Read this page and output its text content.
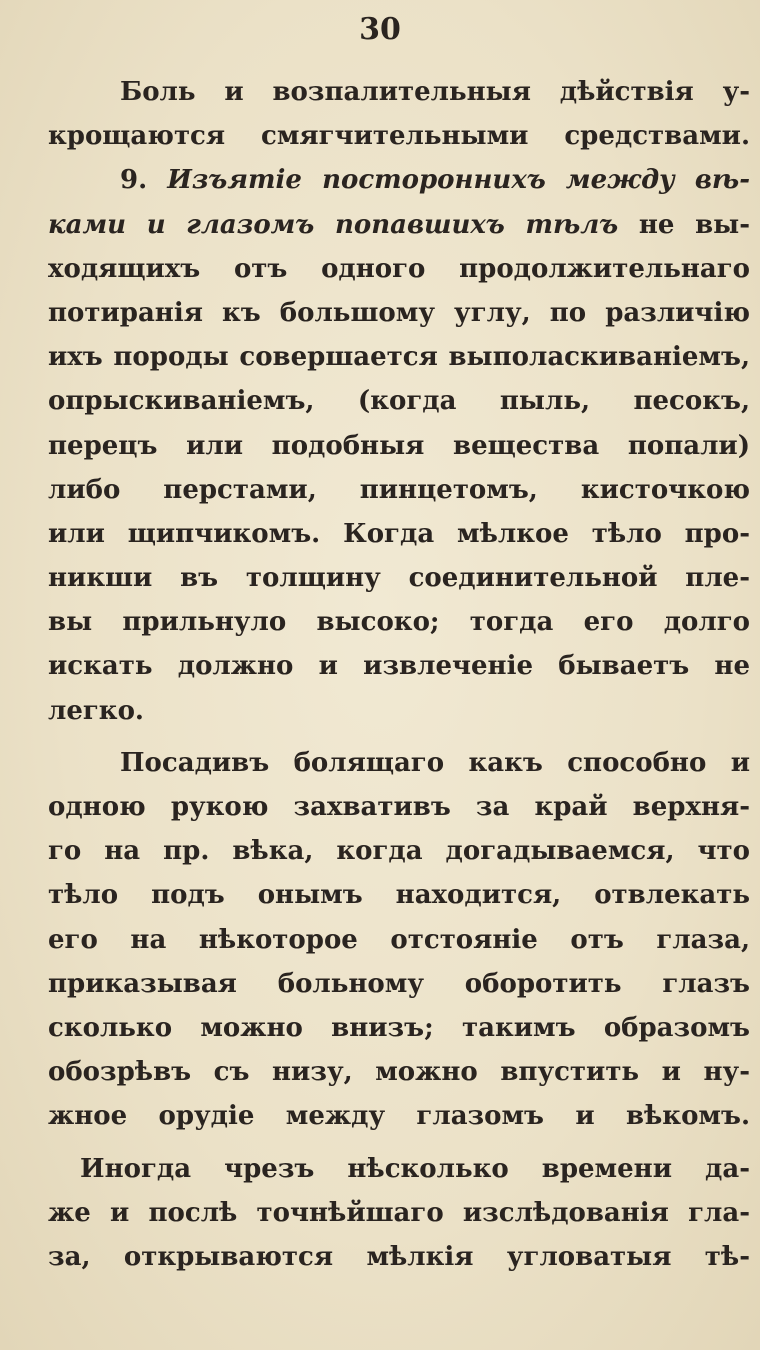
30
Боль и возпалительныя дѣйствія у-
крощаются смягчительными средствами.
9. Изъятіе постороннихъ между вѣ-
ками и глазомъ попавшихъ тѣлъ не вы-
ходящихъ отъ одного продолжительнаго
потиранія къ большому углу, по различію
ихъ породы совершается выполаскиваніемъ,
опрыскиваніемъ, (когда пыль, песокъ,
перецъ или подобныя вещества попали)
либо перстами, пинцетомъ, кисточкою
или щипчикомъ. Когда мѣлкое тѣло про-
никши въ толщину соединительной пле-
вы прильнуло высоко; тогда его долго
искать должно и извлеченіе бываетъ не
легко.
Посадивъ болящаго какъ способно и
одною рукою захвативъ за край верхня-
го на пр. вѣка, когда догадываемся, что
тѣло подъ онымъ находится, отвлекать
его на нѣкоторое отстояніе отъ глаза,
приказывая больному оборотить глазъ
сколько можно внизъ; такимъ образомъ
обозрѣвъ съ низу, можно впустить и ну-
жное орудіе между глазомъ и вѣкомъ.
Иногда чрезъ нѣсколько времени да-
же и послѣ точнѣйшаго изслѣдованія гла-
за, открываются мѣлкія угловатыя тѣ-
